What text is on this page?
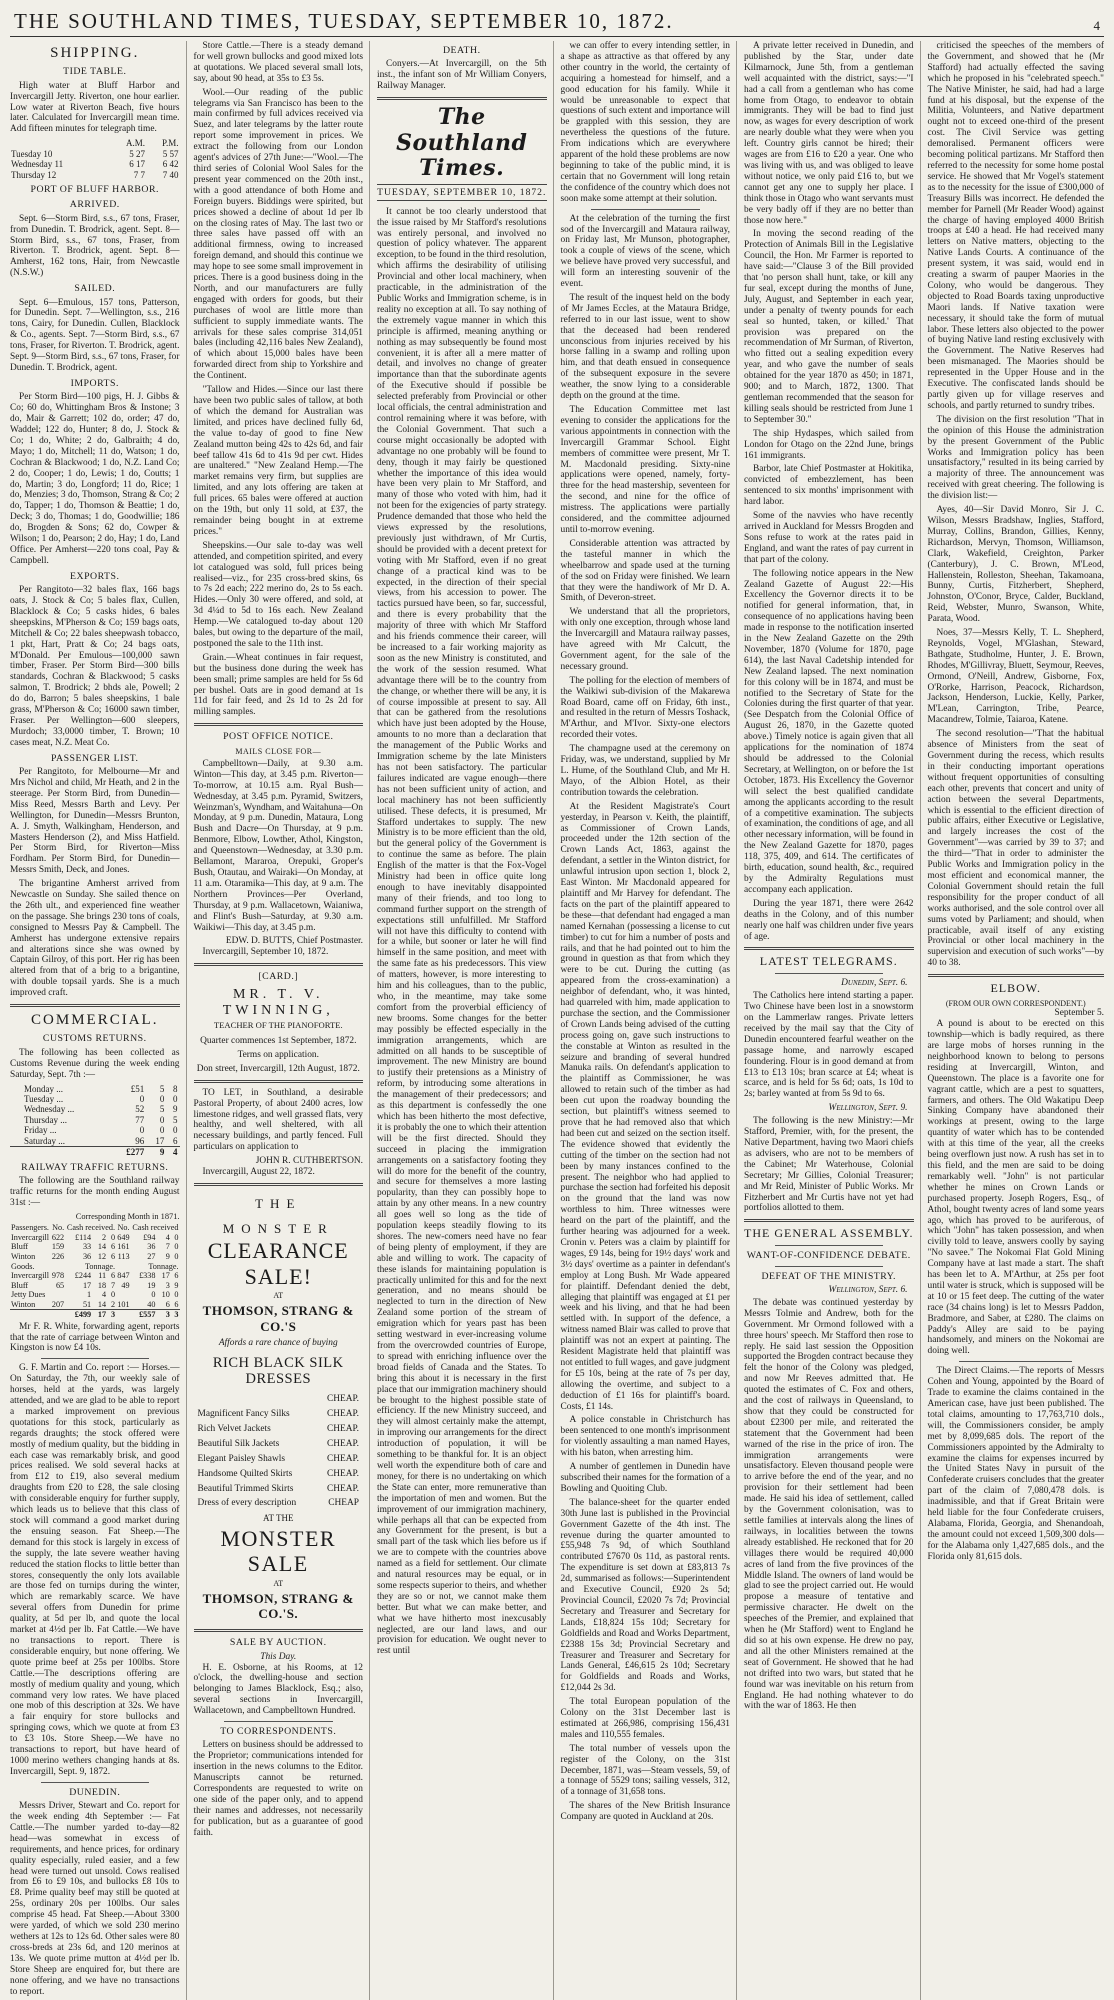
THE SOUTHLAND TIMES, TUESDAY, SEPTEMBER 10, 1872.	4
SHIPPING.
TIDE TABLE.

High water at Bluff Harbor and Invercargill Jetty. Riverton, one hour earlier. Low water at Riverton Beach, five hours later. Calculated for Invercargill mean time. Add fifteen minutes for telegraph time.

	A.M.	P.M.
Tuesday 10	5 27	5 57
Wednesday 11	6 17	6 42
Thursday 12	7 7	7 40
PORT OF BLUFF HARBOR.
ARRIVED.

Sept. 6—Storm Bird, s.s., 67 tons, Fraser, from Dunedin. T. Brodrick, agent. Sept. 8—Storm Bird, s.s., 67 tons, Fraser, from Riverton. T. Brodrick, agent. Sept. 8—Amherst, 162 tons, Hair, from Newcastle (N.S.W.)

SAILED.

Sept. 6—Emulous, 157 tons, Patterson, for Dunedin. Sept. 7—Wellington, s.s., 216 tons, Cairy, for Dunedin. Cullen, Blacklock & Co., agents. Sept. 7—Storm Bird, s.s., 67 tons, Fraser, for Riverton. T. Brodrick, agent. Sept. 9—Storm Bird, s.s., 67 tons, Fraser, for Dunedin. T. Brodrick, agent.

IMPORTS.

Per Storm Bird—100 pigs, H. J. Gibbs & Co; 60 do, Whittingham Bros & Instone; 3 do, Mair & Garrett; 102 do, order; 47 do, Waddel; 122 do, Hunter; 8 do, J. Stock & Co; 1 do, White; 2 do, Galbraith; 4 do, Mayo; 1 do, Mitchell; 11 do, Watson; 1 do, Cochran & Blackwood; 1 do, N.Z. Land Co; 2 do, Cooper; 1 do, Lewis; 1 do, Coutts; 1 do, Martin; 3 do, Longford; 11 do, Rice; 1 do, Menzies; 3 do, Thomson, Strang & Co; 2 do, Tapper; 1 do, Thomson & Beattie; 1 do, Deck; 3 do, Thomas; 1 do, Goodwillie; 186 do, Brogden & Sons; 62 do, Cowper & Wilson; 1 do, Pearson; 2 do, Hay; 1 do, Land Office. Per Amherst—220 tons coal, Pay & Campbell.

EXPORTS.

Per Rangitoto—32 bales flax, 166 bags oats, J. Stock & Co; 5 bales flax, Cullen, Blacklock & Co; 5 casks hides, 6 bales sheepskins, M'Pherson & Co; 159 bags oats, Mitchell & Co; 22 bales sheepwash tobacco, 1 pkt, Hart, Pratt & Co; 24 bags oats, M'Donald. Per Emulous—100,000 sawn timber, Fraser. Per Storm Bird—300 bills standards, Cochran & Blackwood; 5 casks salmon, T. Brodrick; 2 bhds ale, Powell; 2 do do, Barron; 5 bales sheepskins, 1 bale grass, M'Pherson & Co; 16000 sawn timber, Fraser. Per Wellington—600 sleepers, Murdoch; 33,0000 timber, T. Brown; 10 cases meat, N.Z. Meat Co.

PASSENGER LIST.

Per Rangitoto, for Melbourne—Mr and Mrs Nichol and child, Mr Heath, and 2 in the steerage. Per Storm Bird, from Dunedin—Miss Reed, Messrs Barth and Levy. Per Wellington, for Dunedin—Messrs Brunton, A. J. Smyth, Walkingham, Henderson, and Masters Henderson (2), and Miss Hatfield. Per Storm Bird, for Riverton—Miss Fordham. Per Storm Bird, for Dunedin—Messrs Smith, Deck, and Jones.

The brigantine Amherst arrived from Newcastle on Sunday. She sailed thence on the 26th ult., and experienced fine weather on the passage. She brings 230 tons of coals, consigned to Messrs Pay & Campbell. The Amherst has undergone extensive repairs and alterations since she was owned by Captain Gilroy, of this port. Her rig has been altered from that of a brig to a brigantine, with double topsail yards. She is a much improved craft.

COMMERCIAL.
CUSTOMS RETURNS.

The following has been collected as Customs Revenue during the week ending Saturday, Sept. 7th :—

Monday ...	£51	5	8
Tuesday ...	0	0	0
Wednesday ...	52	5	9
Thursday ...	77	0	5
Friday ...	0	0	0
Saturday ...	96	17	6
	£277	9	4
RAILWAY TRAFFIC RETURNS.

The following are the Southland railway traffic returns for the month ending August 31st :—

Corresponding Month in 1871.
Passengers.	No.	Cash received.			No.	Cash received		
Invercargill	622	£114	2	0	649	£94	4	0
Bluff	159	33	14	6	161	36	7	0
Winton	226	36	12	6	113	27	9	0
Goods.	Tonnage.				Tonnage.			
Invercargill	978	£244	11	6	847	£338	17	6
Bluff	65	17	18	7	49	19	3	9
Jetty Dues		1	4	0		0	10	0
Winton	207	51	14	2	101	40	6	6
		£499	17	3		£557	3	3

Mr F. R. White, forwarding agent, reports that the rate of carriage between Winton and Kingston is now £4 10s.

G. F. Martin and Co. report :— Horses.—On Saturday, the 7th, our weekly sale of horses, held at the yards, was largely attended, and we are glad to be able to report a marked improvement on previous quotations for this stock, particularly as regards draughts; the stock offered were mostly of medium quality, but the bidding in each case was remarkably brisk, and good prices realised. We sold several hacks at from £12 to £19, also several medium draughts from £20 to £28, the sale closing with considerable enquiry for further supply, which leads us to believe that this class of stock will command a good market during the ensuing season. Fat Sheep.—The demand for this stock is largely in excess of the supply, the late severe weather having reduced the station flocks to little better than stores, consequently the only lots available are those fed on turnips during the winter, which are remarkably scarce. We have several offers from Dunedin for prime quality, at 5d per lb, and quote the local market at 4½d per lb. Fat Cattle.—We have no transactions to report. There is considerable enquiry, but none offering. We quote prime beef at 25s per 100lbs. Store Cattle.—The descriptions offering are mostly of medium quality and young, which command very low rates. We have placed one mob of this description at 32s. We have a fair enquiry for store bullocks and springing cows, which we quote at from £3 to £3 10s. Store Sheep.—We have no transactions to report, but have heard of 1000 merino wethers changing hands at 8s. Invercargill, Sept. 9, 1872.

DUNEDIN.

Messrs Driver, Stewart and Co. report for the week ending 4th September :— Fat Cattle.—The number yarded to-day—82 head—was somewhat in excess of requirements, and hence prices, for ordinary quality especially, ruled easier, and a few head were turned out unsold. Cows realised from £6 to £9 10s, and bullocks £8 10s to £8. Prime quality beef may still be quoted at 25s, ordinary 20s per 100lbs. Our sales comprise 45 head. Fat Sheep.—About 3300 were yarded, of which we sold 230 merino wethers at 12s to 12s 6d. Other sales were 80 cross-breds at 23s 6d, and 120 merinos at 13s. We quote prime mutton at 4½d per lb. Store Sheep are enquired for, but there are none offering, and we have no transactions to report.

Store Cattle.—There is a steady demand for well grown bullocks and good mixed lots at quotations. We placed several small lots, say, about 90 head, at 35s to £3 5s.

Wool.—Our reading of the public telegrams via San Francisco has been to the main confirmed by full advices received via Suez, and later telegrams by the latter route report some improvement in prices. We extract the following from our London agent's advices of 27th June:—"Wool.—The third series of Colonial Wool Sales for the present year commenced on the 20th inst., with a good attendance of both Home and Foreign buyers. Biddings were spirited, but prices showed a decline of about 1d per lb on the closing rates of May. The last two or three sales have passed off with an additional firmness, owing to increased foreign demand, and should this continue we may hope to see some small improvement in prices. There is a good business doing in the North, and our manufacturers are fully engaged with orders for goods, but their purchases of wool are little more than sufficient to supply immediate wants. The arrivals for these sales comprise 314,051 bales (including 42,116 bales New Zealand), of which about 15,000 bales have been forwarded direct from ship to Yorkshire and the Continent.

"Tallow and Hides.—Since our last there have been two public sales of tallow, at both of which the demand for Australian was limited, and prices have declined fully 6d, the value to-day of good to fine New Zealand mutton being 42s to 42s 6d, and fair beef tallow 41s 6d to 41s 9d per cwt. Hides are unaltered." "New Zealand Hemp.—The market remains very firm, but supplies are limited, and any lots offering are taken at full prices. 65 bales were offered at auction on the 19th, but only 11 sold, at £37, the remainder being bought in at extreme prices."

Sheepskins.—Our sale to-day was well attended, and competition spirited, and every lot catalogued was sold, full prices being realised—viz., for 235 cross-bred skins, 6s to 7s 2d each; 222 merino do, 2s to 5s each. Hides.—Only 30 were offered, and sold, at 3d 4¼d to 5d to 16s each. New Zealand Hemp.—We catalogued to-day about 120 bales, but owing to the departure of the mail, postponed the sale to the 11th inst.

Grain.—Wheat continues in fair request, but the business done during the week has been small; prime samples are held for 5s 6d per bushel. Oats are in good demand at 1s 11d for fair feed, and 2s 1d to 2s 2d for milling samples.

POST OFFICE NOTICE.
MAILS CLOSE FOR—

Campbelltown—Daily, at 9.30 a.m. Winton—This day, at 3.45 p.m. Riverton—To-morrow, at 10.15 a.m. Ryal Bush—Wednesday, at 3.45 p.m. Pyramid, Switzers, Weinzman's, Wyndham, and Waitahuna—On Monday, at 9 p.m. Dunedin, Mataura, Long Bush and Dacre—On Thursday, at 9 p.m. Benmore, Elbow, Lowther, Athol, Kingston, and Queenstown—Wednesday, at 3.30 p.m. Bellamont, Mararoa, Orepuki, Groper's Bush, Otautau, and Wairaki—On Monday, at 11 a.m. Otaramika—This day, at 9 a.m. The Northern Provinces—Per Overland, Thursday, at 9 p.m. Wallacetown, Waianiwa, and Flint's Bush—Saturday, at 9.30 a.m. Waikiwi—This day, at 3.45 p.m.

EDW. D. BUTTS, Chief Postmaster.

Invercargill, September 10, 1872.

[CARD.]
MR. T. V. TWINNING,
TEACHER OF THE PIANOFORTE.
Quarter commences 1st September, 1872.
Terms on application.
Don street, Invercargill, 12th August, 1872.

TO LET, in Southland, a desirable Pastoral Property, of about 2400 acres, low limestone ridges, and well grassed flats, very healthy, and well sheltered, with all necessary buildings, and partly fenced. Full particulars on application to

JOHN R. CUTHBERTSON.

Invercargill, August 22, 1872.

THE
MONSTER
CLEARANCE SALE!
AT
THOMSON, STRANG & CO.'S
Affords a rare chance of buying
RICH BLACK SILK DRESSES
CHEAP.
Magnificent Fancy Silks	CHEAP.
Rich Velvet Jackets	CHEAP.
Beautiful Silk Jackets	CHEAP.
Elegant Paisley Shawls	CHEAP.
Handsome Quilted Skirts	CHEAP.
Beautiful Trimmed Skirts	CHEAP.
Dress of every description	CHEAP
AT THE
MONSTER SALE
AT
THOMSON, STRANG & CO.'S.
SALE BY AUCTION.
This Day.

H. E. Osborne, at his Rooms, at 12 o'clock, the dwelling-house and section belonging to James Blacklock, Esq.; also, several sections in Invercargill, Wallacetown, and Campbelltown Hundred.

TO CORRESPONDENTS.

Letters on business should be addressed to the Proprietor; communications intended for insertion in the news columns to the Editor. Manuscripts cannot be returned. Correspondents are requested to write on one side of the paper only, and to append their names and addresses, not necessarily for publication, but as a guarantee of good faith.

DEATH.

Conyers.—At Invercargill, on the 5th inst., the infant son of Mr William Conyers, Railway Manager.

The Southland Times.
TUESDAY, SEPTEMBER 10, 1872.

It cannot be too clearly understood that the issue raised by Mr Stafford's resolutions was entirely personal, and involved no question of policy whatever. The apparent exception, to be found in the third resolution, which affirms the desirability of utilising Provincial and other local machinery, when practicable, in the administration of the Public Works and Immigration scheme, is in reality no exception at all. To say nothing of the extremely vague manner in which this principle is affirmed, meaning anything or nothing as may subsequently be found most convenient, it is after all a mere matter of detail, and involves no change of greater importance than that the subordinate agents of the Executive should if possible be selected preferably from Provincial or other local officials, the central administration and control remaining where it was before, with the Colonial Government. That such a course might occasionally be adopted with advantage no one probably will be found to deny, though it may fairly be questioned whether the importance of this idea would have been very plain to Mr Stafford, and many of those who voted with him, had it not been for the exigencies of party strategy. Prudence demanded that those who held the views expressed by the resolutions, previously just withdrawn, of Mr Curtis, should be provided with a decent pretext for voting with Mr Stafford, even if no great change of a practical kind was to be expected, in the direction of their special views, from his accession to power. The tactics pursued have been, so far, successful, and there is every probability that the majority of three with which Mr Stafford and his friends commence their career, will be increased to a fair working majority as soon as the new Ministry is constituted, and the work of the session resumed. What advantage there will be to the country from the change, or whether there will be any, it is of course impossible at present to say. All that can be gathered from the resolutions which have just been adopted by the House, amounts to no more than a declaration that the management of the Public Works and Immigration scheme by the late Ministers has not been satisfactory. The particular failures indicated are vague enough—there has not been sufficient unity of action, and local machinery has not been sufficiently utilised. These defects, it is presumed, Mr Stafford undertakes to supply. The new Ministry is to be more efficient than the old, but the general policy of the Government is to continue the same as before. The plain English of the matter is that the Fox-Vogel Ministry had been in office quite long enough to have inevitably disappointed many of their friends, and too long to command further support on the strength of expectations still unfulfilled. Mr Stafford will not have this difficulty to contend with for a while, but sooner or later he will find himself in the same position, and meet with the same fate as his predecessors. This view of matters, however, is more interesting to him and his colleagues, than to the public, who, in the meantime, may take some comfort from the proverbial efficiency of new brooms. Some changes for the better may possibly be effected especially in the immigration arrangements, which are admitted on all hands to be susceptible of improvement. The new Ministry are bound to justify their pretensions as a Ministry of reform, by introducing some alterations in the management of their predecessors; and as this department is confessedly the one which has been hitherto the most defective, it is probably the one to which their attention will be the first directed. Should they succeed in placing the immigration arrangements on a satisfactory footing they will do more for the benefit of the country, and secure for themselves a more lasting popularity, than they can possibly hope to attain by any other means. In a new country all goes well so long as the tide of population keeps steadily flowing to its shores. The new-comers need have no fear of being plenty of employment, if they are able and willing to work. The capacity of these islands for maintaining population is practically unlimited for this and for the next generation, and no means should be neglected to turn in the direction of New Zealand some portion of the stream of emigration which for years past has been setting westward in ever-increasing volume from the overcrowded countries of Europe, to spread with enriching influence over the broad fields of Canada and the States. To bring this about it is necessary in the first place that our immigration machinery should be brought to the highest possible state of efficiency. If the new Ministry succeed, and they will almost certainly make the attempt, in improving our arrangements for the direct introduction of population, it will be something to be thankful for. It is an object well worth the expenditure both of care and money, for there is no undertaking on which the State can enter, more remunerative than the importation of men and women. But the improvement of our immigration machinery, while perhaps all that can be expected from any Government for the present, is but a small part of the task which lies before us if we are to compete with the countries above named as a field for settlement. Our climate and natural resources may be equal, or in some respects superior to theirs, and whether they are so or not, we cannot make them better. But what we can make better, and what we have hitherto most inexcusably neglected, are our land laws, and our provision for education. We ought never to rest until

we can offer to every intending settler, in a shape as attractive as that offered by any other country in the world, the certainty of acquiring a homestead for himself, and a good education for his family. While it would be unreasonable to expect that questions of such extent and importance will be grappled with this session, they are nevertheless the questions of the future. From indications which are everywhere apparent of the hold these problems are now beginning to take of the public mind, it is certain that no Government will long retain the confidence of the country which does not soon make some attempt at their solution.

At the celebration of the turning the first sod of the Invercargill and Mataura railway, on Friday last, Mr Munson, photographer, took a couple of views of the scene, which we believe have proved very successful, and will form an interesting souvenir of the event.

The result of the inquest held on the body of Mr James Eccles, at the Mataura Bridge, referred to in our last issue, went to show that the deceased had been rendered unconscious from injuries received by his horse falling in a swamp and rolling upon him, and that death ensued in consequence of the subsequent exposure in the severe weather, the snow lying to a considerable depth on the ground at the time.

The Education Committee met last evening to consider the applications for the various appointments in connection with the Invercargill Grammar School. Eight members of committee were present, Mr T. M. Macdonald presiding. Sixty-nine applications were opened, namely, forty-three for the head mastership, seventeen for the second, and nine for the office of mistress. The applications were partially considered, and the committee adjourned until to-morrow evening.

Considerable attention was attracted by the tasteful manner in which the wheelbarrow and spade used at the turning of the sod on Friday were finished. We learn that they were the handiwork of Mr D. A. Smith, of Deveron-street.

We understand that all the proprietors, with only one exception, through whose land the Invercargill and Mataura railway passes, have agreed with Mr Calcutt, the Government agent, for the sale of the necessary ground.

The polling for the election of members of the Waikiwi sub-division of the Makarewa Road Board, came off on Friday, 6th inst., and resulted in the return of Messrs Toshack, M'Arthur, and M'Ivor. Sixty-one electors recorded their votes.

The champagne used at the ceremony on Friday, was, we understand, supplied by Mr L. Hume, of the Southland Club, and Mr H. Mayo, of the Albion Hotel, as their contribution towards the celebration.

At the Resident Magistrate's Court yesterday, in Pearson v. Keith, the plaintiff, as Commissioner of Crown Lands, proceeded under the 12th section of the Crown Lands Act, 1863, against the defendant, a settler in the Winton district, for unlawful intrusion upon section 1, block 2, East Winton. Mr Macdonald appeared for plaintiff and Mr Harvey for defendant. The facts on the part of the plaintiff appeared to be these—that defendant had engaged a man named Kernahan (possessing a license to cut timber) to cut for him a number of posts and rails, and that he had pointed out to him the ground in question as that from which they were to be cut. During the cutting (as appeared from the cross-examination) a neighbor of defendant, who, it was hinted, had quarreled with him, made application to purchase the section, and the Commissioner of Crown Lands being advised of the cutting process going on, gave such instructions to the constable at Winton as resulted in the seizure and branding of several hundred Manuka rails. On defendant's application to the plaintiff as Commissioner, he was allowed to retain such of the timber as had been cut upon the roadway bounding the section, but plaintiff's witness seemed to prove that he had removed also that which had been cut and seized on the section itself. The evidence showed that evidently the cutting of the timber on the section had not been by many instances confined to the present. The neighbor who had applied to purchase the section had forfeited his deposit on the ground that the land was now worthless to him. Three witnesses were heard on the part of the plaintiff, and the further hearing was adjourned for a week. Cronin v. Peters was a claim by plaintiff for wages, £9 14s, being for 19½ days' work and 3½ days' overtime as a painter in defendant's employ at Long Bush. Mr Wade appeared for plaintiff. Defendant denied the debt, alleging that plaintiff was engaged at £1 per week and his living, and that he had been settled with. In support of the defence, a witness named Blair was called to prove that plaintiff was not an expert at painting. The Resident Magistrate held that plaintiff was not entitled to full wages, and gave judgment for £5 10s, being at the rate of 7s per day, allowing the overtime, and subject to a deduction of £1 16s for plaintiff's board. Costs, £1 14s.

A police constable in Christchurch has been sentenced to one month's imprisonment for violently assaulting a man named Hayes, with his baton, when arresting him.

A number of gentlemen in Dunedin have subscribed their names for the formation of a Bowling and Quoiting Club.

The balance-sheet for the quarter ended 30th June last is published in the Provincial Government Gazette of the 4th inst. The revenue during the quarter amounted to £55,948 7s 9d, of which Southland contributed £7670 0s 11d, as pastoral rents. The expenditure is set down at £83,813 7s 2d, summarised as follows:—Superintendent and Executive Council, £920 2s 5d; Provincial Council, £2020 7s 7d; Provincial Secretary and Treasurer and Secretary for Lands, £18,824 15s 10d; Secretary for Goldfields and Road and Works Department, £2388 15s 3d; Provincial Secretary and Treasurer and Treasurer and Secretary for Lands General, £46,615 2s 10d; Secretary for Goldfields and Roads and Works, £12,044 2s 3d.

The total European population of the Colony on the 31st December last is estimated at 266,986, comprising 156,431 males and 110,555 females.

The total number of vessels upon the register of the Colony, on the 31st December, 1871, was—Steam vessels, 59, of a tonnage of 5529 tons; sailing vessels, 312, of a tonnage of 31,658 tons.

The shares of the New British Insurance Company are quoted in Auckland at 20s.

A private letter received in Dunedin, and published by the Star, under date Kilmarnock, June 5th, from a gentleman well acquainted with the district, says:—"I had a call from a gentleman who has come home from Otago, to endeavor to obtain immigrants. They will be bad to find just now, as wages for every description of work are nearly double what they were when you left. Country girls cannot be hired; their wages are from £16 to £20 a year. One who was living with us, and was obliged to leave without notice, we only paid £16 to, but we cannot get any one to supply her place. I think those in Otago who want servants must be very badly off if they are no better than those now here."

In moving the second reading of the Protection of Animals Bill in the Legislative Council, the Hon. Mr Farmer is reported to have said:—"Clause 3 of the Bill provided that 'no person shall hunt, take, or kill any fur seal, except during the months of June, July, August, and September in each year, under a penalty of twenty pounds for each seal so hunted, taken, or killed.' That provision was prepared on the recommendation of Mr Surman, of Riverton, who fitted out a sealing expedition every year, and who gave the number of seals obtained for the year 1870 as 450; in 1871, 900; and to March, 1872, 1300. That gentleman recommended that the season for killing seals should be restricted from June 1 to September 30."

The ship Hydaspes, which sailed from London for Otago on the 22nd June, brings 161 immigrants.

Barbor, late Chief Postmaster at Hokitika, convicted of embezzlement, has been sentenced to six months' imprisonment with hard labor.

Some of the navvies who have recently arrived in Auckland for Messrs Brogden and Sons refuse to work at the rates paid in England, and want the rates of pay current in that part of the colony.

The following notice appears in the New Zealand Gazette of August 22:—His Excellency the Governor directs it to be notified for general information, that, in consequence of no applications having been made in response to the notification inserted in the New Zealand Gazette on the 29th November, 1870 (Volume for 1870, page 614), the last Naval Cadetship intended for New Zealand lapsed. The next nomination for this colony will be in 1874, and must be notified to the Secretary of State for the Colonies during the first quarter of that year. (See Despatch from the Colonial Office of August 26, 1870, in the Gazette quoted above.) Timely notice is again given that all applications for the nomination of 1874 should be addressed to the Colonial Secretary, at Wellington, on or before the 1st October, 1873. His Excellency the Governor will select the best qualified candidate among the applicants according to the result of a competitive examination. The subjects of examination, the conditions of age, and all other necessary information, will be found in the New Zealand Gazette for 1870, pages 118, 375, 409, and 614. The certificates of birth, education, sound health, &c., required by the Admiralty Regulations must accompany each application.

During the year 1871, there were 2642 deaths in the Colony, and of this number nearly one half was children under five years of age.

LATEST TELEGRAMS.
Dunedin, Sept. 6.

The Catholics here intend starting a paper. Two Chinese have been lost in a snowstorm on the Lammerlaw ranges. Private letters received by the mail say that the City of Dunedin encountered fearful weather on the passage home, and narrowly escaped foundering. Flour is in good demand at from £13 to £13 10s; bran scarce at £4; wheat is scarce, and is held for 5s 6d; oats, 1s 10d to 2s; barley wanted at from 5s 9d to 6s.

Wellington, Sept. 9.

The following is the new Ministry:—Mr Stafford, Premier, with, for the present, the Native Department, having two Maori chiefs as advisers, who are not to be members of the Cabinet; Mr Waterhouse, Colonial Secretary; Mr Gillies, Colonial Treasurer; and Mr Reid, Minister of Public Works. Mr Fitzherbert and Mr Curtis have not yet had portfolios allotted to them.

THE GENERAL ASSEMBLY.
WANT-OF-CONFIDENCE DEBATE.
DEFEAT OF THE MINISTRY.
Wellington, Sept. 6.

The debate was continued yesterday by Messrs Tolmie and Andrew, both for the Government. Mr Ormond followed with a three hours' speech. Mr Stafford then rose to reply. He said last session the Opposition supported the Brogden contract because they felt the honor of the Colony was pledged, and now Mr Reeves admitted that. He quoted the estimates of C. Fox and others, and the cost of railways in Queensland, to show that they could be constructed for about £2300 per mile, and reiterated the statement that the Government had been warned of the rise in the price of iron. The immigration arrangements were unsatisfactory. Eleven thousand people were to arrive before the end of the year, and no provision for their settlement had been made. He said his idea of settlement, called by the Government colonisation, was to settle families at intervals along the lines of railways, in localities between the towns already established. He reckoned that for 20 villages there would be required 40,000 acres of land from the five provinces of the Middle Island. The owners of land would be glad to see the project carried out. He would propose a measure of tentative and permissive character. He dwelt on the speeches of the Premier, and explained that when he (Mr Stafford) went to England he did so at his own expense. He drew no pay, and all the other Ministers remained at the seat of Government. He showed that he had not drifted into two wars, but stated that he found war was inevitable on his return from England. He had nothing whatever to do with the war of 1863. He then

criticised the speeches of the members of the Government, and showed that he (Mr Stafford) had actually effected the saving which he proposed in his "celebrated speech." The Native Minister, he said, had had a large fund at his disposal, but the expense of the Militia, Volunteers, and Native department ought not to exceed one-third of the present cost. The Civil Service was getting demoralised. Permanent officers were becoming political partizans. Mr Stafford then referred to the necessity for some home postal service. He showed that Mr Vogel's statement as to the necessity for the issue of £300,000 of Treasury Bills was incorrect. He defended the member for Parnell (Mr Reader Wood) against the charge of having employed 4000 British troops at £40 a head. He had received many letters on Native matters, objecting to the Native Lands Courts. A continuance of the present system, it was said, would end in creating a swarm of pauper Maories in the Colony, who would be dangerous. They objected to Road Boards taxing unproductive Maori lands. If Native taxation were necessary, it should take the form of mutual labor. These letters also objected to the power of buying Native land resting exclusively with the Government. The Native Reserves had been mismanaged. The Maories should be represented in the Upper House and in the Executive. The confiscated lands should be partly given up for village reserves and schools, and partly returned to sundry tribes.

The division on the first resolution "That in the opinion of this House the administration by the present Government of the Public Works and Immigration policy has been unsatisfactory," resulted in its being carried by a majority of three. The announcement was received with great cheering. The following is the division list:—

Ayes, 40—Sir David Monro, Sir J. C. Wilson, Messrs Bradshaw, Inglies, Stafford, Murray, Collins, Brandon, Gillies, Kenny, Richardson, Mervyn, Thomson, Williamson, Clark, Wakefield, Creighton, Parker (Canterbury), J. C. Brown, M'Leod, Hallenstein, Rolleston, Sheehan, Takamoana, Bunny, Curtis, Fitzherbert, Shepherd, Johnston, O'Conor, Bryce, Calder, Buckland, Reid, Webster, Munro, Swanson, White, Parata, Wood.

Noes, 37—Messrs Kelly, T. L. Shepherd, Reynolds, Vogel, M'Glashan, Steward, Bathgate, Studholme, Hunter, J. E. Brown, Rhodes, M'Gillivray, Bluett, Seymour, Reeves, Ormond, O'Neill, Andrew, Gisborne, Fox, O'Rorke, Harrison, Peacock, Richardson, Jackson, Henderson, Luckie, Kelly, Parker, M'Lean, Carrington, Tribe, Pearce, Macandrew, Tolmie, Taiaroa, Katene.

The second resolution—"That the habitual absence of Ministers from the seat of Government during the recess, which results in their conducting important operations without frequent opportunities of consulting each other, prevents that concert and unity of action between the several Departments, which is essential to the efficient direction of public affairs, either Executive or Legislative, and largely increases the cost of the Government"—was carried by 39 to 37; and the third—"That in order to administer the Public Works and Immigration policy in the most efficient and economical manner, the Colonial Government should retain the full responsibility for the proper conduct of all works authorised, and the sole control over all sums voted by Parliament; and should, when practicable, avail itself of any existing Provincial or other local machinery in the supervision and execution of such works"—by 40 to 38.

ELBOW.
(FROM OUR OWN CORRESPONDENT.)
September 5.

A pound is about to be erected on this township—which is badly required, as there are large mobs of horses running in the neighborhood known to belong to persons residing at Invercargill, Winton, and Queenstown. The place is a favorite one for vagrant cattle, which are a pest to squatters, farmers, and others. The Old Wakatipu Deep Sinking Company have abandoned their workings at present, owing to the large quantity of water which has to be contended with at this time of the year, all the creeks being overflown just now. A rush has set in to this field, and the men are said to be doing remarkably well. "John" is not particular whether he mines on Crown Lands or purchased property. Joseph Rogers, Esq., of Athol, bought twenty acres of land some years ago, which has proved to be auriferous, of which "John" has taken possession, and when civilly told to leave, answers coolly by saying "No savee." The Nokomai Flat Gold Mining Company have at last made a start. The shaft has been let to A. M'Arthur, at 25s per foot until water is struck, which is supposed will be at 10 or 15 feet deep. The cutting of the water race (34 chains long) is let to Messrs Paddon, Bradmore, and Saber, at £280. The claims on Paddy's Alley are said to be paying handsomely, and miners on the Nokomai are doing well.

The Direct Claims.—The reports of Messrs Cohen and Young, appointed by the Board of Trade to examine the claims contained in the American case, have just been published. The total claims, amounting to 17,763,710 dols., will, the Commissioners consider, be amply met by 8,099,685 dols. The report of the Commissioners appointed by the Admiralty to examine the claims for expenses incurred by the United States Navy in pursuit of the Confederate cruisers concludes that the greater part of the claim of 7,080,478 dols. is inadmissible, and that if Great Britain were held liable for the four Confederate cruisers, Alabama, Florida, Georgia, and Shenandoah, the amount could not exceed 1,509,300 dols—for the Alabama only 1,427,685 dols., and the Florida only 81,615 dols.
